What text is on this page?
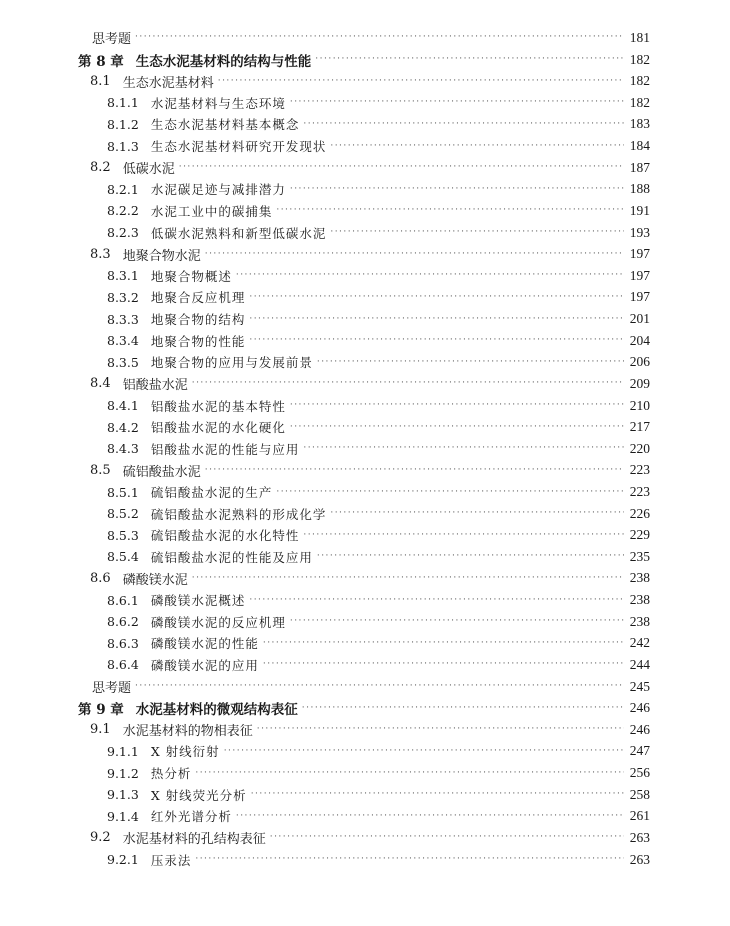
思考题 ·····	181
第 8 章 生态水泥基材料的结构与性能 ·····	182
8.1 生态水泥基材料 ·····	182
8.1.1 水泥基材料与生态环境 ·····	182
8.1.2 生态水泥基材料基本概念 ·····	183
8.1.3 生态水泥基材料研究开发现状 ·····	184
8.2 低碳水泥 ·····	187
8.2.1 水泥碳足迹与减排潜力 ·····	188
8.2.2 水泥工业中的碳捕集 ·····	191
8.2.3 低碳水泥熟料和新型低碳水泥 ·····	193
8.3 地聚合物水泥 ·····	197
8.3.1 地聚合物概述 ·····	197
8.3.2 地聚合反应机理 ·····	197
8.3.3 地聚合物的结构 ·····	201
8.3.4 地聚合物的性能 ·····	204
8.3.5 地聚合物的应用与发展前景 ·····	206
8.4 铝酸盐水泥 ·····	209
8.4.1 铝酸盐水泥的基本特性 ·····	210
8.4.2 铝酸盐水泥的水化硬化 ·····	217
8.4.3 铝酸盐水泥的性能与应用 ·····	220
8.5 硫铝酸盐水泥 ·····	223
8.5.1 硫铝酸盐水泥的生产 ·····	223
8.5.2 硫铝酸盐水泥熟料的形成化学 ·····	226
8.5.3 硫铝酸盐水泥的水化特性 ·····	229
8.5.4 硫铝酸盐水泥的性能及应用 ·····	235
8.6 磷酸镁水泥 ·····	238
8.6.1 磷酸镁水泥概述 ·····	238
8.6.2 磷酸镁水泥的反应机理 ·····	238
8.6.3 磷酸镁水泥的性能 ·····	242
8.6.4 磷酸镁水泥的应用 ·····	244
思考题 ·····	245
第 9 章 水泥基材料的微观结构表征 ·····	246
9.1 水泥基材料的物相表征 ·····	246
9.1.1 X 射线衍射 ·····	247
9.1.2 热分析 ·····	256
9.1.3 X 射线荧光分析 ·····	258
9.1.4 红外光谱分析 ·····	261
9.2 水泥基材料的孔结构表征 ·····	263
9.2.1 压汞法 ·····	263
